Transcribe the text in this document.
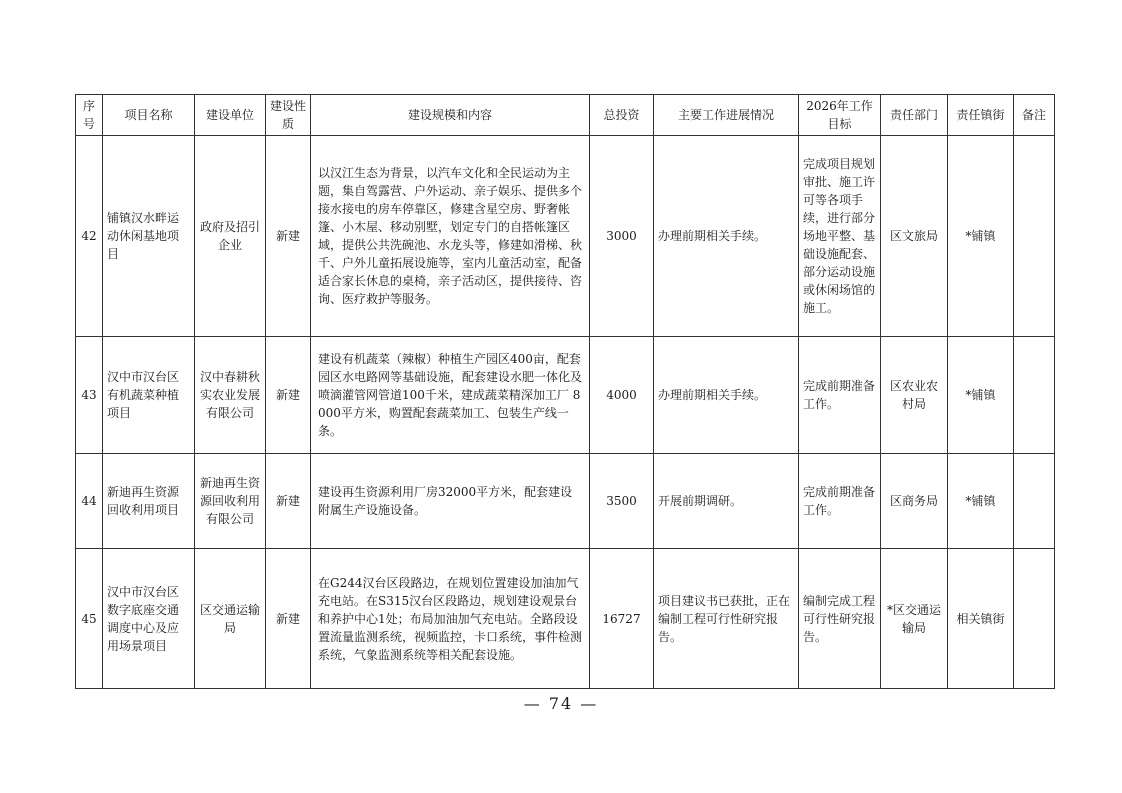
序号	项目名称	建设单位	建设性质	建设规模和内容	总投资	主要工作进展情况	2026年工作目标	责任部门	责任镇街	备注
42	铺镇汉水畔运动休闲基地项目	政府及招引企业	新建	以汉江生态为背景，以汽车文化和全民运动为主题，集自驾露营、户外运动、亲子娱乐、提供多个接水接电的房车停靠区，修建含星空房、野奢帐篷、小木屋、移动别墅，划定专门的自搭帐篷区域，提供公共洗碗池、水龙头等，修建如滑梯、秋千、户外儿童拓展设施等，室内儿童活动室，配备适合家长休息的桌椅，亲子活动区，提供接待、咨询、医疗救护等服务。	3000	办理前期相关手续。	完成项目规划审批、施工许可等各项手续，进行部分场地平整、基础设施配套、部分运动设施或休闲场馆的施工。	区文旅局	*铺镇	
43	汉中市汉台区有机蔬菜种植项目	汉中春耕秋实农业发展有限公司	新建	建设有机蔬菜（辣椒）种植生产园区400亩，配套园区水电路网等基础设施，配套建设水肥一体化及喷滴灌管网管道100千米，建成蔬菜精深加工厂 8000平方米，购置配套蔬菜加工、包装生产线一条。	4000	办理前期相关手续。	完成前期准备工作。	区农业农村局	*铺镇	
44	新迪再生资源回收利用项目	新迪再生资源回收利用有限公司	新建	建设再生资源利用厂房32000平方米，配套建设附属生产设施设备。	3500	开展前期调研。	完成前期准备工作。	区商务局	*铺镇	
45	汉中市汉台区数字底座交通调度中心及应用场景项目	区交通运输局	新建	在G244汉台区段路边，在规划位置建设加油加气充电站。在S315汉台区段路边，规划建设观景台和养护中心1处；布局加油加气充电站。全路段设置流量监测系统，视频监控，卡口系统，事件检测系统，气象监测系统等相关配套设施。	16727	项目建议书已获批，正在编制工程可行性研究报告。	编制完成工程可行性研究报告。	*区交通运输局	相关镇街	
— 74 —
